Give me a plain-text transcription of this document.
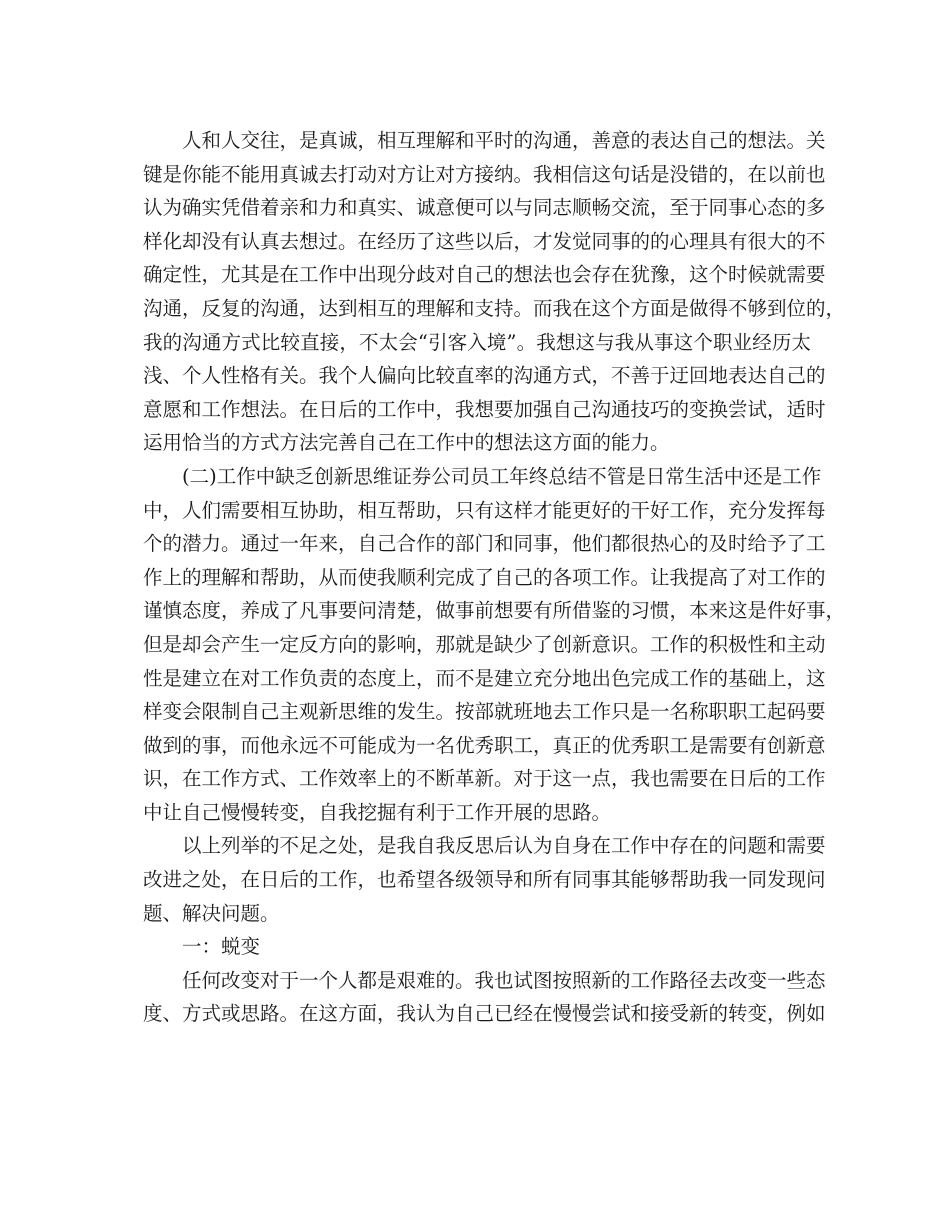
人和人交往，是真诚，相互理解和平时的沟通，善意的表达自己的想法。关
键是你能不能用真诚去打动对方让对方接纳。我相信这句话是没错的，在以前也
认为确实凭借着亲和力和真实、诚意便可以与同志顺畅交流，至于同事心态的多
样化却没有认真去想过。在经历了这些以后，才发觉同事的的心理具有很大的不
确定性，尤其是在工作中出现分歧对自己的想法也会存在犹豫，这个时候就需要
沟通，反复的沟通，达到相互的理解和支持。而我在这个方面是做得不够到位的，
我的沟通方式比较直接，不太会“引客入境”。我想这与我从事这个职业经历太
浅、个人性格有关。我个人偏向比较直率的沟通方式，不善于迂回地表达自己的
意愿和工作想法。在日后的工作中，我想要加强自己沟通技巧的变换尝试，适时
运用恰当的方式方法完善自己在工作中的想法这方面的能力。
(二)工作中缺乏创新思维证券公司员工年终总结不管是日常生活中还是工作
中，人们需要相互协助，相互帮助，只有这样才能更好的干好工作，充分发挥每
个的潜力。通过一年来，自己合作的部门和同事，他们都很热心的及时给予了工
作上的理解和帮助，从而使我顺利完成了自己的各项工作。让我提高了对工作的
谨慎态度，养成了凡事要问清楚，做事前想要有所借鉴的习惯，本来这是件好事，
但是却会产生一定反方向的影响，那就是缺少了创新意识。工作的积极性和主动
性是建立在对工作负责的态度上，而不是建立充分地出色完成工作的基础上，这
样变会限制自己主观新思维的发生。按部就班地去工作只是一名称职职工起码要
做到的事，而他永远不可能成为一名优秀职工，真正的优秀职工是需要有创新意
识，在工作方式、工作效率上的不断革新。对于这一点，我也需要在日后的工作
中让自己慢慢转变，自我挖掘有利于工作开展的思路。
以上列举的不足之处，是我自我反思后认为自身在工作中存在的问题和需要
改进之处，在日后的工作，也希望各级领导和所有同事其能够帮助我一同发现问
题、解决问题。
一：蜕变
任何改变对于一个人都是艰难的。我也试图按照新的工作路径去改变一些态
度、方式或思路。在这方面，我认为自己已经在慢慢尝试和接受新的转变，例如
